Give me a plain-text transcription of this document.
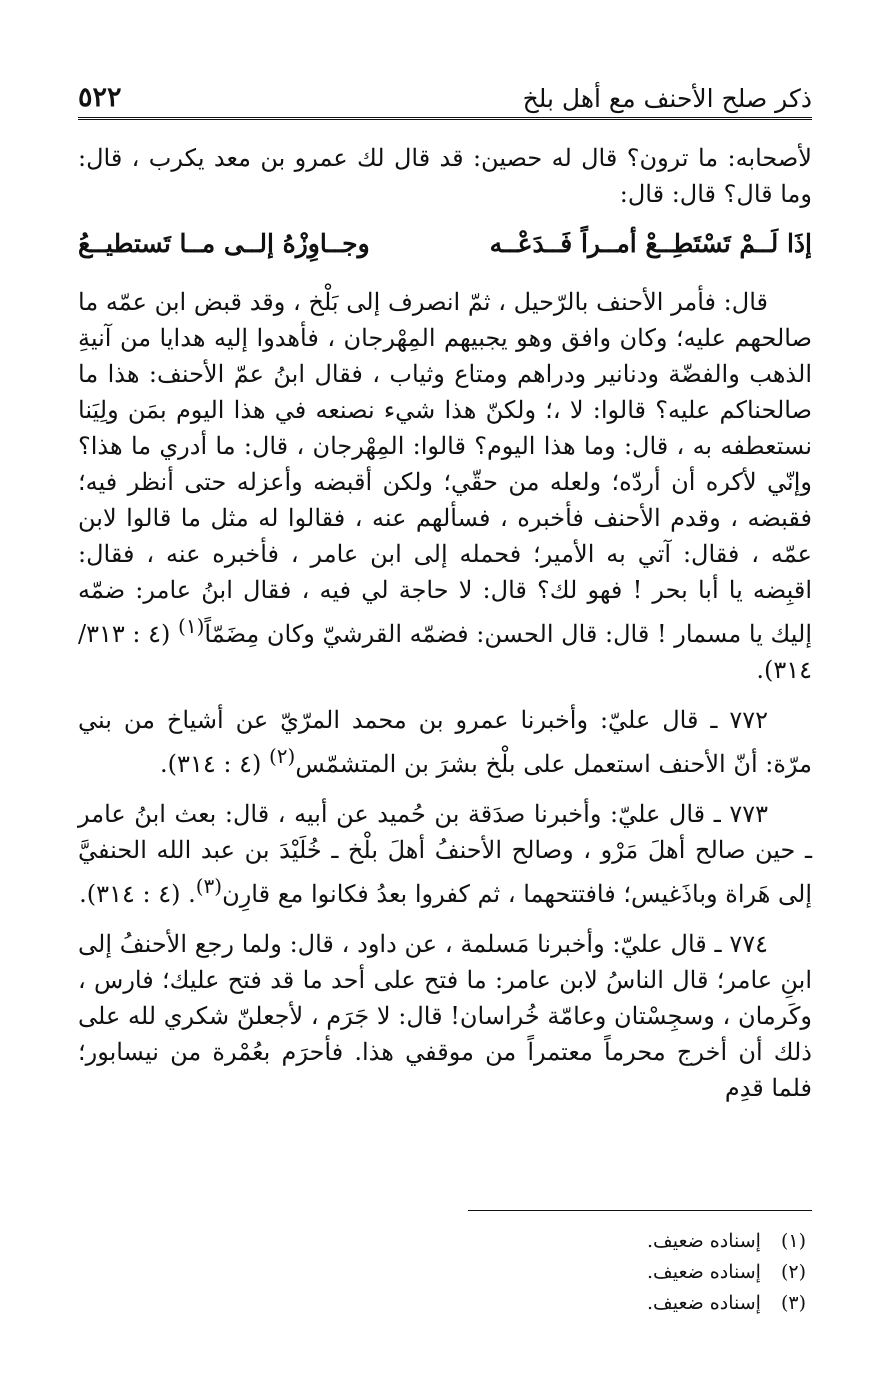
ذكر صلح الأحنف مع أهل بلخ
٥٢٢

لأصحابه: ما ترون؟ قال له حصين: قد قال لك عمرو بن معد يكرب ، قال: وما قال؟ قال: قال:

إذَا لَــمْ تَسْتَطِــعْ أمــراً فَــدَعْــه
وجــاوِزْهُ إلــى مــا تَستطيــعُ

قال: فأمر الأحنف بالرّحيل ، ثمّ انصرف إلى بَلْخ ، وقد قبض ابن عمّه ما صالحهم عليه؛ وكان وافق وهو يجبيهم المِهْرجان ، فأهدوا إليه هدايا من آنيةِ الذهب والفضّة ودنانير ودراهم ومتاع وثياب ، فقال ابنُ عمّ الأحنف: هذا ما صالحناكم عليه؟ قالوا: لا ،؛ ولكنّ هذا شيء نصنعه في هذا اليوم بمَن ولِيَنا نستعطفه به ، قال: وما هذا اليوم؟ قالوا: المِهْرجان ، قال: ما أدري ما هذا؟ وإنّي لأكره أن أردّه؛ ولعله من حقّي؛ ولكن أقبضه وأعزله حتى أنظر فيه؛ فقبضه ، وقدم الأحنف فأخبره ، فسألهم عنه ، فقالوا له مثل ما قالوا لابن عمّه ، فقال: آتي به الأمير؛ فحمله إلى ابن عامر ، فأخبره عنه ، فقال: اقبِضه يا أبا بحر ! فهو لك؟ قال: لا حاجة لي فيه ، فقال ابنُ عامر: ضمّه إليك يا مسمار ! قال: قال الحسن: فضمّه القرشيّ وكان مِضَمّاً$^{(١)}$ (٤ : ٣١٣/ ٣١٤).

٧٧٢ ـ قال عليّ: وأخبرنا عمرو بن محمد المرّيّ عن أشياخ من بني مرّة: أنّ الأحنف استعمل على بلْخ بشرَ بن المتشمّس$^{(٢)}$ (٤ : ٣١٤).

٧٧٣ ـ قال عليّ: وأخبرنا صدَقة بن حُميد عن أبيه ، قال: بعث ابنُ عامر ـ حين صالح أهلَ مَرْو ، وصالح الأحنفُ أهلَ بلْخ ـ خُلَيْدَ بن عبد الله الحنفيَّ إلى هَراة وباذَغيس؛ فافتتحهما ، ثم كفروا بعدُ فكانوا مع قارِن$^{(٣)}$. (٤ : ٣١٤).

٧٧٤ ـ قال عليّ: وأخبرنا مَسلمة ، عن داود ، قال: ولما رجع الأحنفُ إلى ابنِ عامر؛ قال الناسُ لابن عامر: ما فتح على أحد ما قد فتح عليك؛ فارس ، وكَرمان ، وسجِسْتان وعامّة خُراسان! قال: لا جَرَم ، لأجعلنّ شكري لله على ذلك أن أخرج محرماً معتمراً من موقفي هذا. فأحرَم بعُمْرة من نيسابور؛ فلما قدِم

(١)
إسناده ضعيف.
(٢)
إسناده ضعيف.
(٣)
إسناده ضعيف.
